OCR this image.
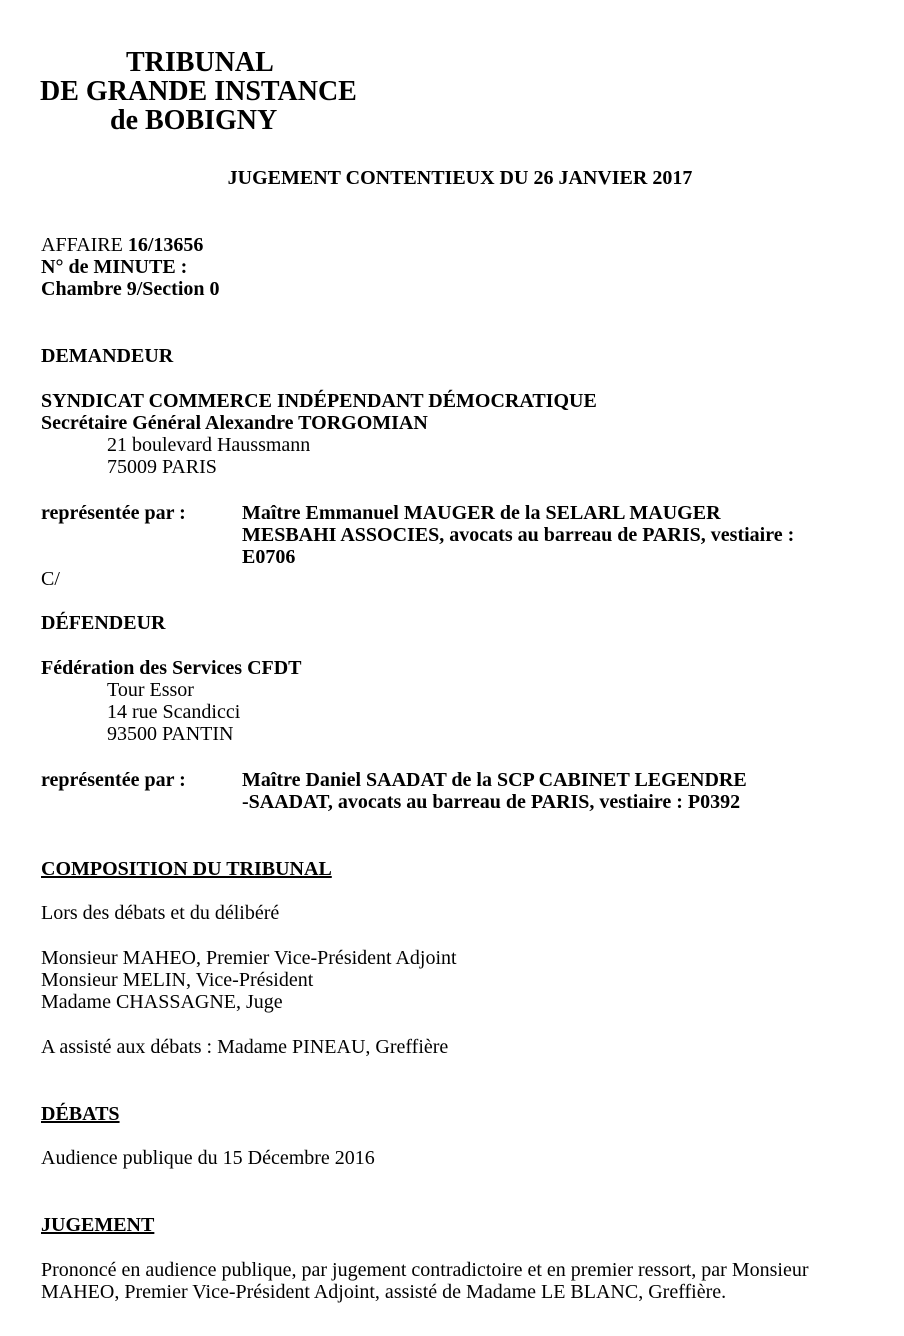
TRIBUNAL
DE GRANDE INSTANCE
de BOBIGNY
JUGEMENT CONTENTIEUX DU 26 JANVIER 2017
AFFAIRE 16/13656
N° de MINUTE :
Chambre 9/Section 0
DEMANDEUR
SYNDICAT COMMERCE INDÉPENDANT DÉMOCRATIQUE
Secrétaire Général Alexandre TORGOMIAN
21 boulevard Haussmann
75009 PARIS
représentée par :	Maître Emmanuel MAUGER de la SELARL MAUGER
MESBAHI ASSOCIES, avocats au barreau de PARIS, vestiaire :
E0706
C/
DÉFENDEUR
Fédération des Services CFDT
Tour Essor
14 rue Scandicci
93500 PANTIN
représentée par :	Maître Daniel SAADAT de la SCP CABINET LEGENDRE
-SAADAT, avocats au barreau de PARIS, vestiaire : P0392
COMPOSITION DU TRIBUNAL
Lors des débats et du délibéré
Monsieur MAHEO, Premier Vice-Président Adjoint
Monsieur MELIN, Vice-Président
Madame CHASSAGNE, Juge
A assisté aux débats : Madame PINEAU, Greffière
DÉBATS
Audience publique du 15 Décembre 2016
JUGEMENT
Prononcé en audience publique, par jugement contradictoire et en premier ressort, par Monsieur
MAHEO, Premier Vice-Président Adjoint, assisté de Madame LE BLANC, Greffière.
